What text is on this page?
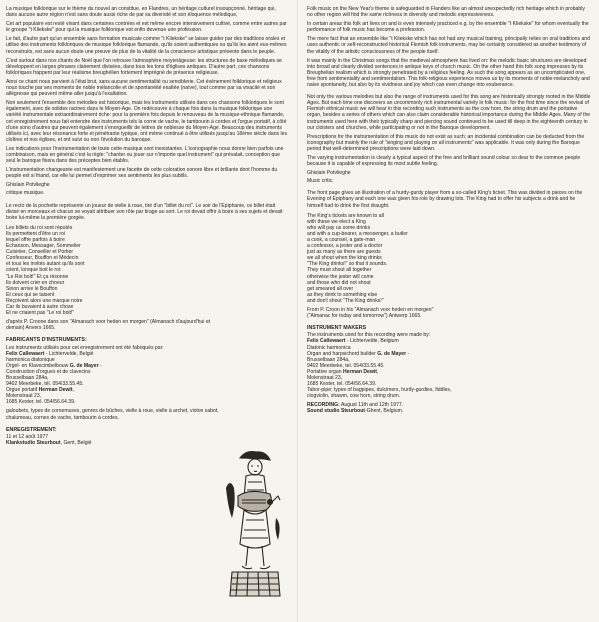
La musique folklorique sur le thème du nouvel an constitue, en Flandres, un héritage culturel insoupçonné, héritage qui, dans aucune autre région n'est sans doute aussi riche de par sa diversité et son éloquence mélodique.

Cet art populaire est resté vivant dans certaines contrées et est même encore intensivement cultivé, comme entre autres par le groupe "t Kliekske" pour qui la musique folklorique est enfin devenue une profession.

Le fait, d'autre part qu'un ensemble sans formation musicale comme "t Kliekske" se laisse guider par des traditions orales et utilise des instruments folkloriques de musique folklorique flamande, qu'ils soient authentiques ou qu'ils les aient eux-mêmes reconstruits, est sans aucun doute une preuve de plus de la vitalité de la conscience artistique présente dans le peuple.

C'est surtout dans nos chants de Noël que l'on retrouve l'atmosphère moyenâgeuse: les structures de base mélodiques se développent en larges phrases clairement divisées, dans tous les tons d'églises antiques. D'autre part, ces chansons folkloriques frappent par leur réalisme breughélien fortement imprégné de présence religieuse.

Ainsi ce chant nous parvient à l'état brut, sans aucune sentimentalité ou sensiblerie. Cet événement folklorique et religieux nous touche par ses moments de noble mélancolie et de spontanéité exaltée (naïve), tout comme par sa vivacité et son allégresse qui peuvent même aller jusqu'à l'exaltation.

Non seulement l'ensemble des mélodies est historique, mais les instruments utilisés dans ces chansons folkloriques le sont également, avec de solides racines dans le Moyen-Age. On redécouvre à chaque fois dans la musique folklorique une variété instrumentale extraordinairement riche: pour la première fois depuis le renouveau de la musique-ethnique flamande, cet enregistrement nous fait entendre des instruments tels la corne de vache, le tambourin à cordes et l'orgue portatif, à côté d'une sono d'autres qui peuvent également s'enorgueillir de lettres de noblesse du Moyen-Age. Beaucoup des instruments utilisés ici, avec leur résonance forte et pénétrante typique, ont même continué à être utilisés jusqu'au 18ème siècle dans les cloîtres et nos églises, et ont suivi ou non l'évolution du baroque.

Les indications pour l'instrumentation de toute cette musique sont inexistantes. L'iconographie nous donne bien parfois une combinaison, mais en général c'est la règle: "chanter ou jouer sur n'importe quel instrument" qui prévalait, conception que seul le baroque fixera dans des préceptes bien établis.

L'instrumentation changeante est manifestement une facette de cette coloration sonore libre et brillante dont l'homme du peuple est si friand, car elle lui permet d'exprimer ses sentiments les plus subtils.

Ghislain Potvlieghe

critique musique.

Le recto de la pochette représente un joueur de vielle à roue, tiré d'un "billet du roi". Le soir de l'Epiphanie, ce billet était divisé en morceaux et chacun se voyait attribuer son rôle par tirage au sort. Le roi devait offrir à boire à ses sujets et devait boire lui-même la première gorgée.

Les billets du roi sont réputés
Ils permettent d'être un roi
lequel offre parfois à boire
Echanson, Messager, Sommelier
Cuisinier, Conseiller et Portier
Confesseur, Bouffon et Médecin
et tous les invités autant qu'ils sont
crient, lorsque boit le roi:
"Le Roi boit!" Et ça résonne
Ils doivent crier en choeur
Sinon arrive le Bouffon
Et ceux qui se taisent
Reçoivent alors une marque noire
Car ils buvaient à autre chose
Et ne criaient pas "Le roi boit!"

d'après P. Croone dans son "Almanach voor heden en morgen" (Almanach d'aujourd'hui et demain) Anvers 1665.

FABRICANTS D'INSTRUMENTS:

Les instruments utilisés pour cet enregistrement ont été fabriqués par:

Felix Callewaert - Lichtervelde, Belgié
harmonica diatonique

Orgel- en Klavecimbelbouw G. de Mayer -
Construction d'orgues et de clavecins
Brusselbaan 284a,
9402 Meerbeke, tél. 054/33.55.45.

Orgue portatif Herman Dewit,
Molenstraat 23,
1685 Kester, tel. 054/56.64.39.

galoubets, types de cornemuses, genres de bûches, vielle à roue, vielle à archet, violon sabot, chalumeau, cornes de vache, tambourin à cordes.

ENREGISTREMENT:

11 et 12 août 1977

Klankstudio Steurbout, Gent, Belgié

Folk music on the New Year's theme is safeguarded in Flanders like an almost unexpectedly rich heritage which in probably no other region will find the same richness in diversity and melodic expressiveness.

In certain areas this folk art lives on and is even intensely practiced e.g. by the ensemble "t Kliekske" for whom eventually the performance of folk music has become a profession.

The mere fact that an ensemble like "t Kliekske which has not had any musical training, principally relies on oral traditions and uses authentic or self-reconstructed historical Flemish folk instruments, may be certainly considered as another testimony of the vitality of the artistic consciousness of the people itself.

It was mainly in the Christmas songs that the medieval atmosphere has lived on: the melodic basic structures are developed into broad and clearly divided sentences in antique keys of church music. On the other hand this folk song impresses by its Breughelian realism which is strongly penetrated by a religious feeling. As such the song appears as an uncomplicated one, free from sentimentality and sentimentalism. This folk-religious experience moves us by its moments of noble-melancholy and naive spontaneity, but also by its vividness and joy which can even change into exuberance.

Not only the various melodies but also the range of instruments used for this song are historically strongly rooted in the Middle Ages. But each time one discovers an uncommonly rich instrumental variety in folk music: for the first time since the revival of Flemish ethnical music we will hear in this recording such instruments as the cow horn, the string drum and the portative organ, besides a series of others which can also claim considerable historical importance during the Middle Ages. Many of the instruments used here with their typically sharp and piercing sound continued to be used till deep in the eighteenth century in our cloisters and churches, while participating or not in the Baroque development.

Prescriptions for the instrumentation of this music do not exist as such; an incidental combination can be deducted from the iconography but mainly the rule of "singing and playing on all instruments" was applicable. It was only during the Baroque period that well-determined prescriptions were laid down.

The varying instrumentation is clearly a typical aspect of the free and brilliant sound colour so dear to the common people because it is capable of expressing its most subtle feeling.

Ghislain Potvlieghe

Music critic.

The front page gives an illustration of a hurdy-gurdy player from a so-called King's ticket. This was divided in pieces on the Evening of Epiphany and each one was given his role by drawing lots. The King had to offer his subjects a drink and he himself had to drink the first draught.

The King's tickets are known to all
with these we elect a King
who will pay us some drinks
and with a cup-bearer, a messenger, a butler
a cook, a counsel, a gate-man
a confessor, a jester and a doctor
just as many as there are guests
we all shout when the king drinks
"The King drinks!" so that it sounds.
They must shout all together
otherwise the jester will come
and those who did not shout
get smeared all over
as they drink to something else
and don't shout "The King drinks!"

From P. Croon in his "Almanach voor heden en morgen"
("Almanac for today and tomorrow") Antwerp 1665.

INSTRUMENT MAKERS

The instruments used for this recording were made by:

Felix Callewaert - Lichtervelde, Belgium
Diatonic harmonica

Organ and harpsichord builder G. de Mayer -
Brusselbaan 284a,
9402 Meerbeke, tel. 054/33.55.45.

Portative organ Herman Dewit,
Molenstraat 23,
1685 Kester, tel. 054/56.64.39.

Tabor-pipe; types of bagpipes, dulcimers, hurdy-gurdies, fiddles, clogviolin, shawm, cow horn, string drum.

RECORDING: August 11th and 12th 1977.

Sound studio Steurbout-Ghent, Belgium.
